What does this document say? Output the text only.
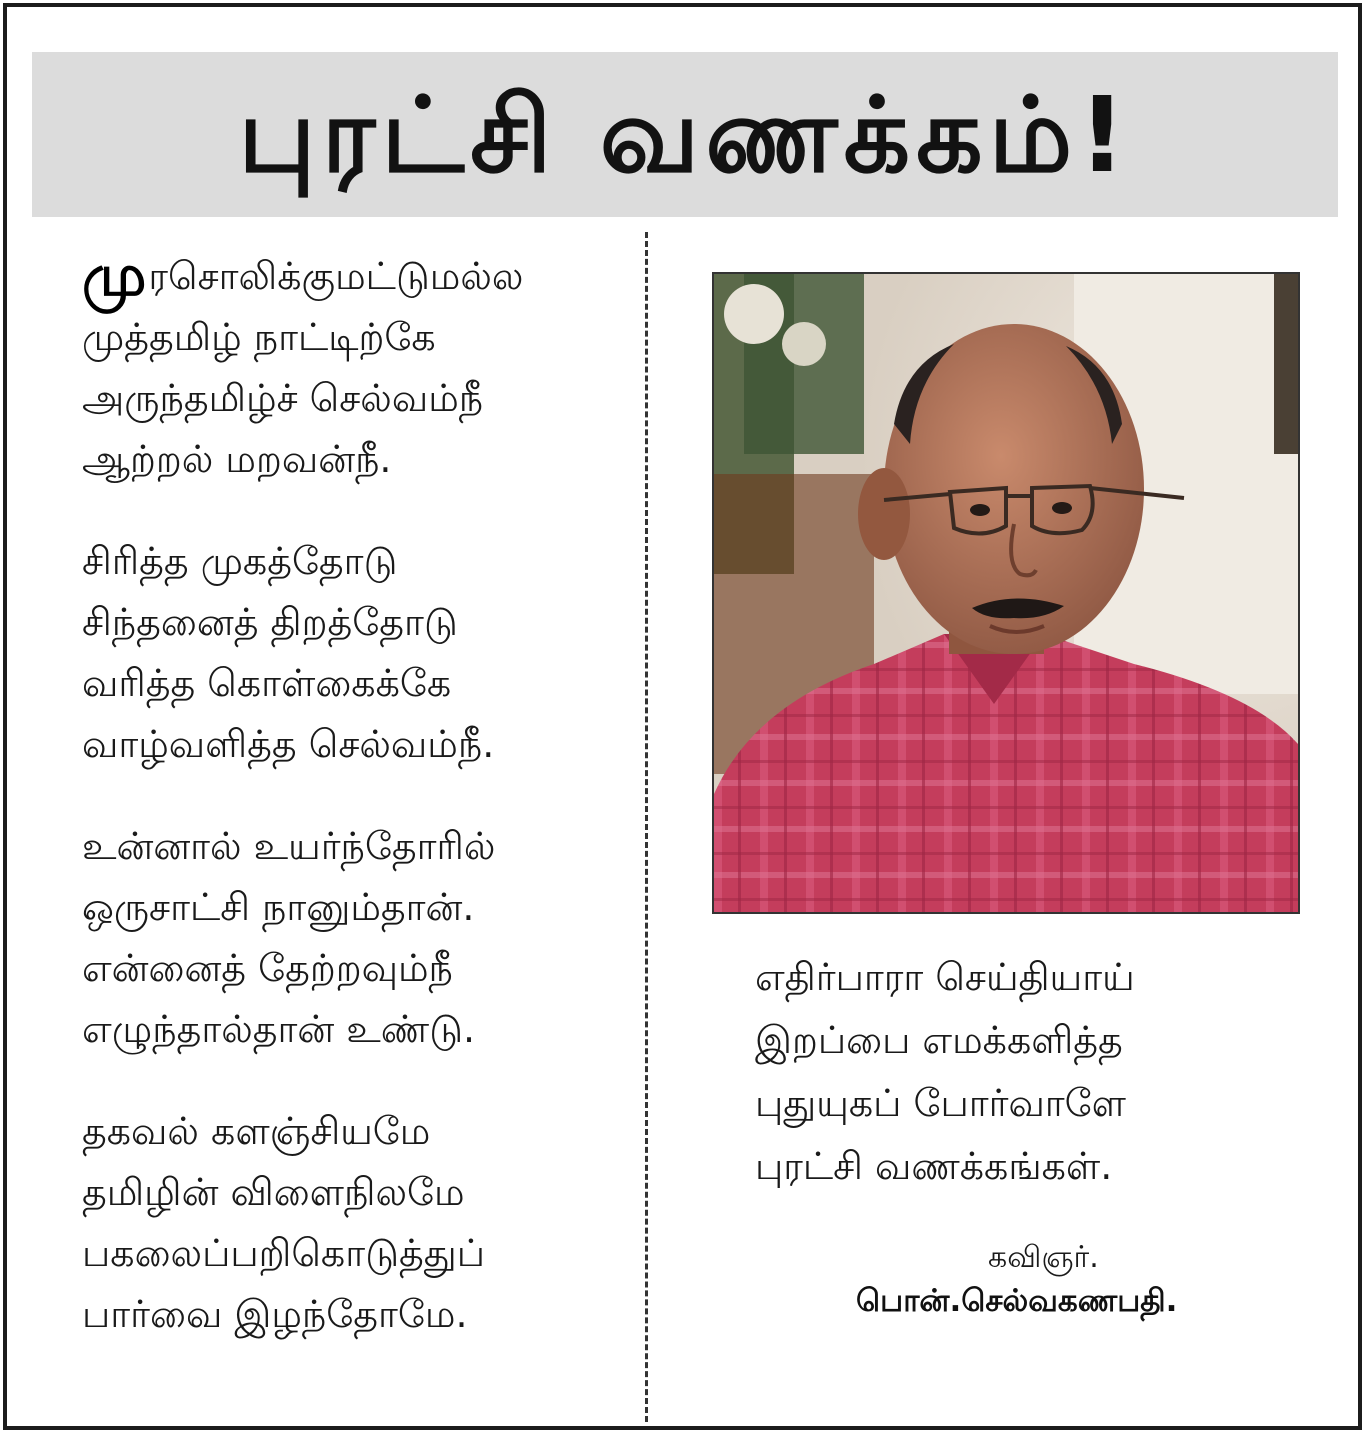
புரட்சி வணக்கம்!
முரசொலிக்குமட்டுமல்ல
முத்தமிழ் நாட்டிற்கே
அருந்தமிழ்ச் செல்வம்நீ
ஆற்றல் மறவன்நீ.
சிரித்த முகத்தோடு
சிந்தனைத் திறத்தோடு
வரித்த கொள்கைக்கே
வாழ்வளித்த செல்வம்நீ.
உன்னால் உயர்ந்தோரில்
ஒருசாட்சி நானும்தான்.
என்னைத் தேற்றவும்நீ
எழுந்தால்தான் உண்டு.
தகவல் களஞ்சியமே
தமிழின் விளைநிலமே
பகலைப்பறிகொடுத்துப்
பார்வை இழந்தோமே.
எதிர்பாரா செய்தியாய்
இறப்பை எமக்களித்த
புதுயுகப் போர்வாளே
புரட்சி வணக்கங்கள்.
கவிஞர்.
பொன்.செல்வகணபதி.
